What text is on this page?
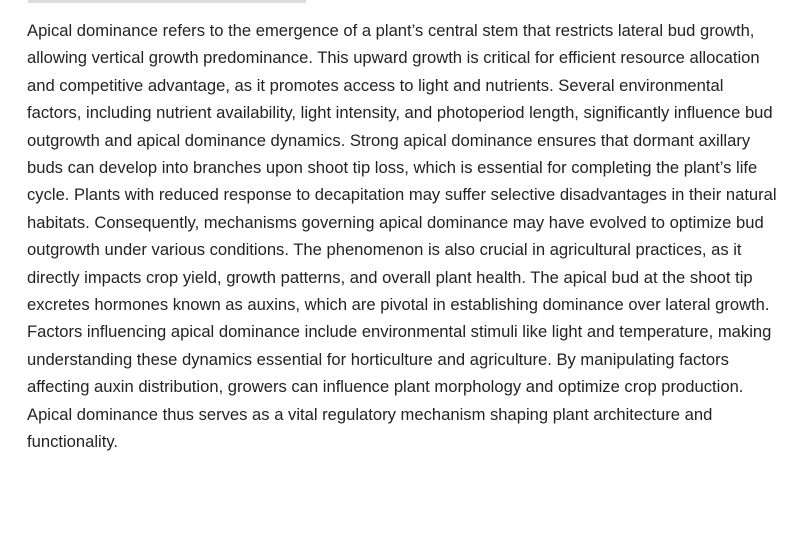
Apical dominance refers to the emergence of a plant’s central stem that restricts lateral bud growth, allowing vertical growth predominance. This upward growth is critical for efficient resource allocation and competitive advantage, as it promotes access to light and nutrients. Several environmental factors, including nutrient availability, light intensity, and photoperiod length, significantly influence bud outgrowth and apical dominance dynamics. Strong apical dominance ensures that dormant axillary buds can develop into branches upon shoot tip loss, which is essential for completing the plant’s life cycle. Plants with reduced response to decapitation may suffer selective disadvantages in their natural habitats. Consequently, mechanisms governing apical dominance may have evolved to optimize bud outgrowth under various conditions. The phenomenon is also crucial in agricultural practices, as it directly impacts crop yield, growth patterns, and overall plant health. The apical bud at the shoot tip excretes hormones known as auxins, which are pivotal in establishing dominance over lateral growth. Factors influencing apical dominance include environmental stimuli like light and temperature, making understanding these dynamics essential for horticulture and agriculture. By manipulating factors affecting auxin distribution, growers can influence plant morphology and optimize crop production. Apical dominance thus serves as a vital regulatory mechanism shaping plant architecture and functionality.
